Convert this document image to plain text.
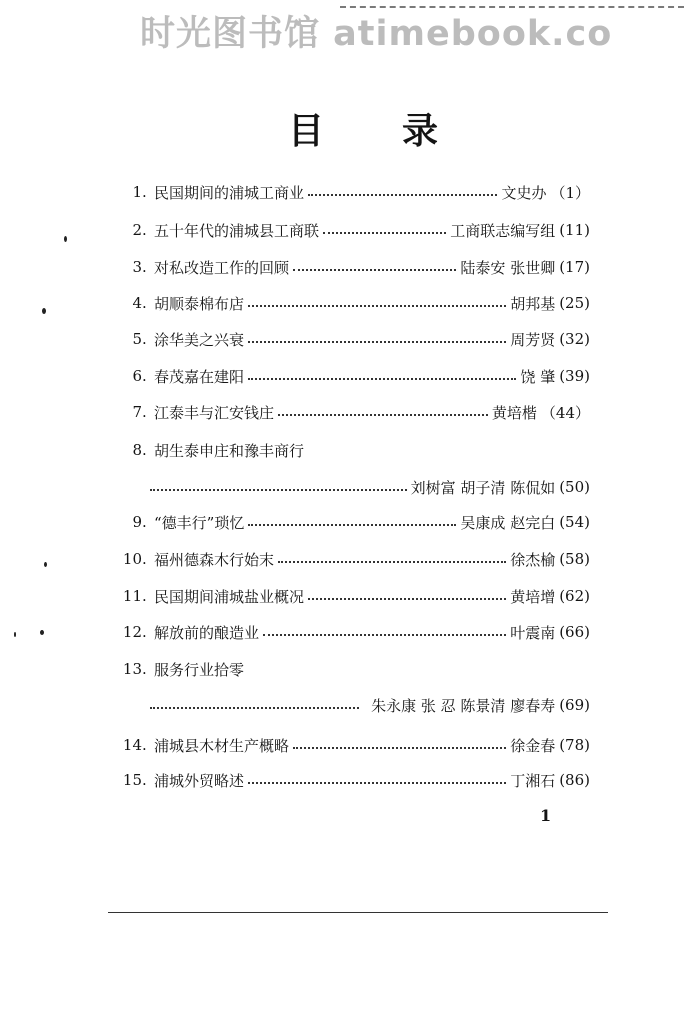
时光图书馆 atimebook.co
目 录
1 . 民国期间的浦城工商业	文史办 （1）
2 . 五十年代的浦城县工商联	工商联志编写组 (11)
3 . 对私改造工作的回顾	陆泰安 张世卿 (17)
4 . 胡顺泰棉布店	胡邦基 (25)
5 . 涂华美之兴衰	周芳贤 (32)
6 . 春茂嘉在建阳	饶 肇 (39)
7 . 江泰丰与汇安钱庄	黄培楷 （44）
8 . 胡生泰申庄和豫丰商行
刘树富 胡子清 陈侃如 (50)
9 . “德丰行”琐忆	吴康成 赵完白 (54)
10 . 福州德森木行始末	徐杰榆 (58)
11 . 民国期间浦城盐业概况	黄培增 (62)
12 . 解放前的酿造业	叶震南 (66)
13 . 服务行业拾零
朱永康 张 忍 陈景清 廖春寿 (69)
14 . 浦城县木材生产概略	徐金春 (78)
15 . 浦城外贸略述	丁湘石 (86)
1
